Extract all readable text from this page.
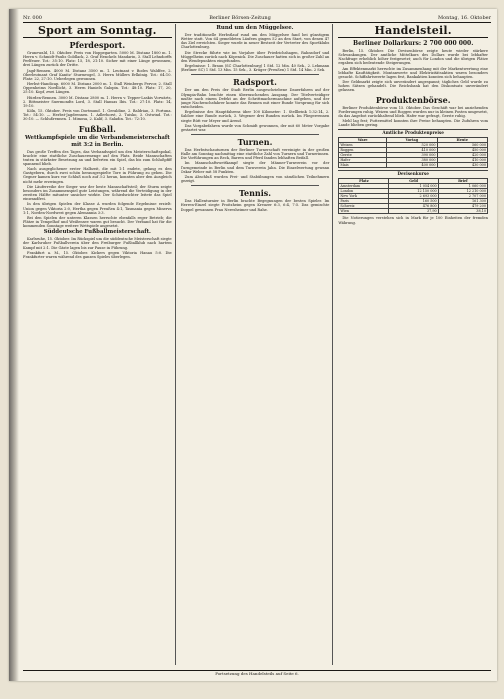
Nr. 000	Berliner Börsen-Zeitung	Montag, 16. Oktober
Sport am Sonntag.
Pferdesport.

Grunewald, 15. Oktober. Preis von Hoppegarten. 5000 M. Distanz 1800 m. 1. Herrn v. Schmidt-Paulis Goldlack, 2. Graf Henckels Mandarin, 3. Stall Lehndorffs Perlfeuer. Tot.: 35:10. Platz: 15, 18, 21:10. Sicher mit einer Länge gewonnen, drei Längen zurück der Dritte.

Jagd-Rennen. 4000 M. Distanz 3500 m. 1. Leutnant v. Bodes Waldfee, 2. Oberleutnant Graf Kanitz' Sturmvogel, 3. Herrn Müllers Erlkönig. Tot.: 64:10. Platz: 22, 27:10. Ueberlegen gewonnen.

Herbst-Handicap. 6000 M. Distanz 2000 m. 1. Stall Weinbergs Fervor, 2. Stall Oppenheims Nordlicht, 3. Herrn Haniels Galopin. Tot.: 48:10. Platz: 17, 20, 25:10. Kopf, zwei Längen.

Hürden-Rennen. 3000 M. Distanz 2800 m. 1. Herrn v. Tepper-Laskis Vorwärts, 2. Rittmeister Suermondts Lord, 3. Stall Hansas Ibis. Tot.: 27:10. Platz: 14, 19:10.

Köln, 15. Oktober. Preis von Dortmund. 1. Geraldine, 2. Baldrian, 3. Fortuna. Tot.: 54:10. — Herbst-Jagdrennen. 1. Adlerhorst, 2. Tuisko, 3. Ostwind. Tot.: 30:10. — Schlußrennen. 1. Mimosa, 2. Kalif, 3. Saladin. Tot.: 72:10.

Fußball.
Wettkampfspiele um die Verbandsmeisterschaft mit 3:2 in Berlin.

Das große Treffen des Tages, das Verbandsspiel um den Meisterschaftspokal, brachte eine stattliche Zuschauermenge auf den Platz. Beide Mannschaften traten in stärkster Besetzung an und lieferten ein Spiel, das bis zum Schlußpfiff spannend blieb.

Nach ausgeglichener erster Halbzeit, die mit 1:1 endete, gelang es den Gastgebern, durch zwei schön herausgespielte Tore in Führung zu gehen. Die Gegner kamen kurz vor Schluß noch auf 3:2 heran, konnten aber den Ausgleich nicht mehr erzwingen.

Die Läuferreihe der Sieger war der beste Mannschaftsteil; der Sturm zeigte besonders im Zusammenspiel gute Leistungen, während die Verteidigung in der zweiten Hälfte mitunter unsicher wirkte. Der Schiedsrichter leitete das Spiel einwandfrei.

In den übrigen Spielen der Klasse A wurden folgende Ergebnisse erzielt: Union gegen Viktoria 2:0, Hertha gegen Preußen 4:1, Tasmania gegen Minerva 1:1, Norden-Nordwest gegen Alemannia 3:3.

Bei den Spielen der unteren Klassen herrschte ebenfalls reger Betrieb; die Plätze in Tempelhof und Weißensee waren gut besucht. Der Verband hat für die kommenden Sonntage weitere Wettspiele angesetzt.

Süddeutsche Fußballmeisterschaft.

Karlsruhe, 15. Oktober. Im Rückspiel um die süddeutsche Meisterschaft siegte der Karlsruher Fußballverein über den Freiburger Fußballklub nach hartem Kampf mit 2:1. Die Gäste lagen bis zur Pause in Führung.

Frankfurt a. M., 15. Oktober. Kickers gegen Viktoria Hanau 5:0. Die Frankfurter waren während des ganzen Spieles überlegen.

Rund um den Müggelsee.

Der traditionelle Herbstlauf rund um den Müggelsee fand bei günstigem Wetter statt. Von 64 gemeldeten Läufern gingen 52 an den Start, von denen 47 das Ziel erreichten. Sieger wurde in neuer Bestzeit der Vertreter des Sportklubs Charlottenburg.

Die Strecke führte wie im Vorjahre über Friedrichshagen, Rahnsdorf und Müggelheim zurück nach Köpenick. Die Zuschauer hatten sich in großer Zahl an den Wendepunkten eingefunden.

Ergebnisse: 1. Braun (SC Charlottenburg) 1 Std. 12 Min. 40 Sek., 2. Lehmann (Berliner SC) 1 Std. 13 Min. 15 Sek., 3. Krüger (Preußen) 1 Std. 14 Min. 2 Sek.

Radsport.

Der um den Preis der Stadt Berlin ausgeschriebene Dauerfahren auf der Olympia-Bahn brachte einen überraschenden Ausgang. Der Titelverteidiger mußte nach einem Defekt an der Schrittmachermaschine aufgeben, und der junge Nachwuchsfahrer konnte das Rennen mit einer Runde Vorsprung für sich entscheiden.

Ergebnisse des Hauptfahrens über 100 Kilometer: 1. Stellbrink 1:32:14, 2. Saldow eine Runde zurück, 3. Wegener drei Runden zurück. Im Fliegerrennen siegte Rütt vor Meyer und Arend.

Das Vorgabefahren wurde von Schmidt gewonnen, der mit 60 Meter Vorgabe gestartet war.

Turnen.

Das Herbstschauturnen der Berliner Turnerschaft vereinigte in der großen Halle am Sonntag nachmittag eine stattliche Zahl von Turnern und Turnerinnen. Die Vorführungen an Reck, Barren und Pferd fanden lebhaften Beifall.

Im Mannschaftswettkampf siegte der Männer-Turnverein vor der Turngemeinde in Berlin und dem Turnverein Jahn. Die Einzelwertung gewann Oskar Weber mit 58 Punkten.

Zum Abschluß wurden Frei- und Stabübungen von sämtlichen Teilnehmern gezeigt.

Tennis.

Das Hallenturnier in Berlin brachte Begegnungen der besten Spieler. Im Herren-Einzel siegte Froitzheim gegen Kreuzer 6:3, 6:4, 7:5. Das gemischte Doppel gewannen Frau Neresheimer und Rahe.

Handelsteil.
Berliner Dollarkurs: 2 700 000 000.

Berlin, 15. Oktober. Die Devisenbörse zeigte heute wieder stärkere Schwankungen. Der amtliche Mittelkurs des Dollars wurde bei lebhafter Nachfrage erheblich höher festgesetzt; auch für London und die übrigen Plätze ergaben sich bedeutende Steigerungen.

Am Effektenmarkt herrschte im Zusammenhang mit der Markentwertung eine lebhafte Kauftätigkeit. Montanwerte und Elektrizitätsaktien waren besonders gesucht. Schiffahrtswerte lagen fest, Bankaktien konnten sich behaupten.

Der Geldmarkt zeigte sich unverändert angespannt; tägliches Geld wurde zu hohen Sätzen gehandelt. Die Reichsbank hat den Diskontsatz unverändert gelassen.

Produktenbörse.

Berliner Produktenbörse vom 15. Oktober. Das Geschäft war bei anziehenden Forderungen ruhig. Weizen und Roggen wurden nur in kleinen Posten umgesetzt, da das Angebot zurückhaltend blieb. Hafer war gefragt, Gerste ruhig.

Mehl lag fest; Futtermittel konnten ihre Preise behaupten. Die Zufuhren vom Lande blieben gering.

Amtliche Produktenpreise
Ware	Vortag	Heute
Weizen	520 000	560 000
Roggen	410 000	450 000
Gerste	390 000	420 000
Hafer	380 000	410 000
Mais	400 000	430 000
Devisenkurse
Platz	Geld	Brief
Amsterdam	1 054 000	1 060 000
London	12 150 000	12 210 000
New York	2 693 000	2 707 000
Paris	160 500	161 300
Schweiz	476 800	479 200
Wien	37,90	38,10

Die Notierungen verstehen sich in Mark für je 100 Einheiten der fremden Währung.

Fortsetzung des Handelsteils auf Seite 6.
